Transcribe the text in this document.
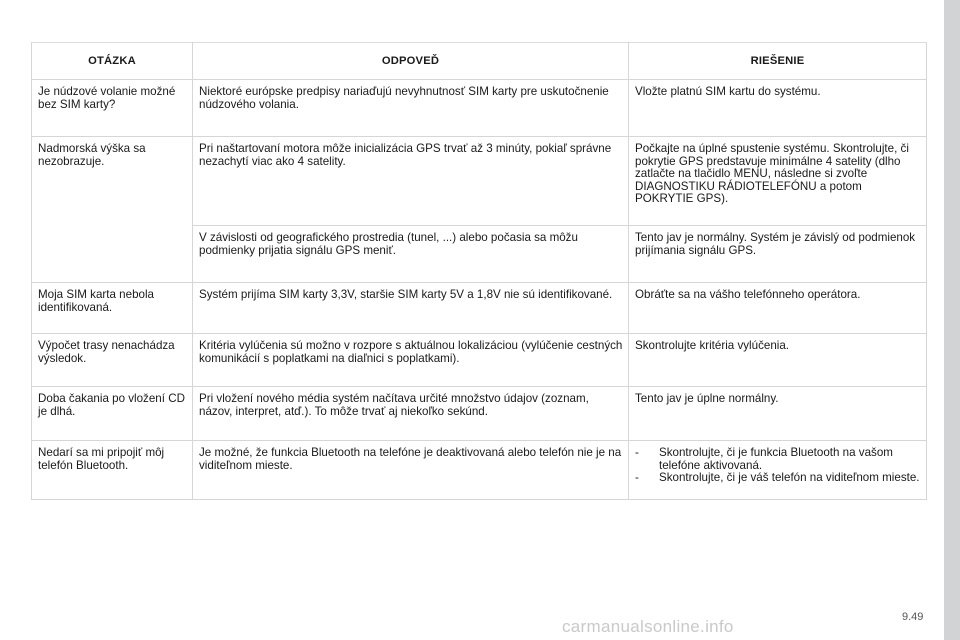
OTÁZKA	ODPOVEĎ	RIEŠENIE
Je núdzové volanie možné bez SIM karty?	Niektoré európske predpisy nariaďujú nevyhnutnosť SIM karty pre uskutočnenie núdzového volania.	Vložte platnú SIM kartu do systému.
Nadmorská výška sa nezobrazuje.	Pri naštartovaní motora môže inicializácia GPS trvať až 3 minúty, pokiaľ správne nezachytí viac ako 4 satelity.	Počkajte na úplné spustenie systému. Skontrolujte, či pokrytie GPS predstavuje minimálne 4 satelity (dlho zatlačte na tlačidlo MENU, následne si zvoľte DIAGNOSTIKU RÁDIOTELEFÓNU a potom POKRYTIE GPS).
	V závislosti od geografického prostredia (tunel, ...) alebo počasia sa môžu podmienky prijatia signálu GPS meniť.	Tento jav je normálny. Systém je závislý od podmienok prijímania signálu GPS.
Moja SIM karta nebola identifikovaná.	Systém prijíma SIM karty 3,3V, staršie SIM karty 5V a 1,8V nie sú identifikované.	Obráťte sa na vášho telefónneho operátora.
Výpočet trasy nenachádza výsledok.	Kritéria vylúčenia sú možno v rozpore s aktuálnou lokalizáciou (vylúčenie cestných komunikácií s poplatkami na diaľnici s poplatkami).	Skontrolujte kritéria vylúčenia.
Doba čakania po vložení CD je dlhá.	Pri vložení nového média systém načítava určité množstvo údajov (zoznam, názov, interpret, atď.). To môže trvať aj niekoľko sekúnd.	Tento jav je úplne normálny.
Nedarí sa mi pripojiť môj telefón Bluetooth.	Je možné, že funkcia Bluetooth na telefóne je deaktivovaná alebo telefón nie je na viditeľnom mieste.	- Skontrolujte, či je funkcia Bluetooth na vašom telefóne aktivovaná.
- Skontrolujte, či je váš telefón na viditeľnom mieste.
9.49
carmanualsonline.info
